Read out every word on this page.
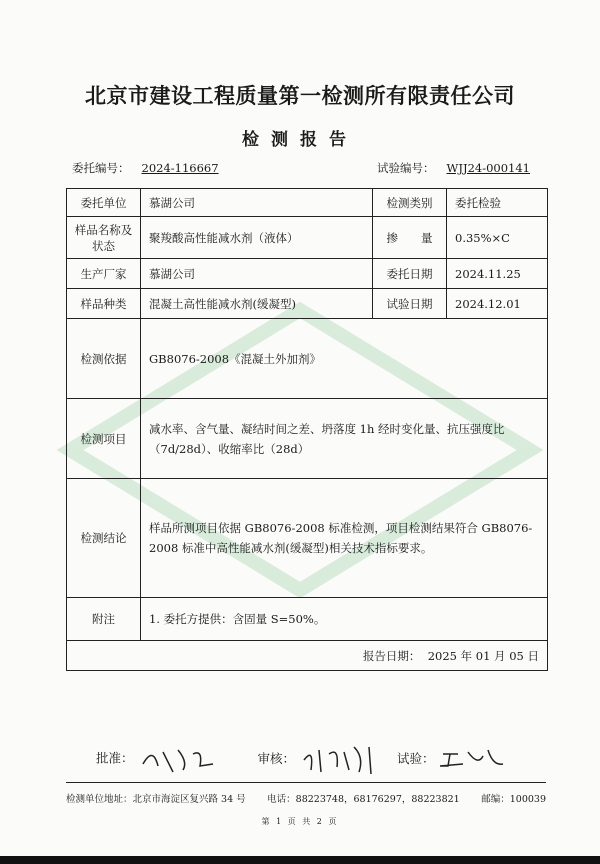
北京市建设工程质量第一检测所有限责任公司
检测报告
委托编号： 2024-116667	试验编号： WJJ24-000141
委托单位	慕湖公司	检测类别	委托检验
样品名称及状态	聚羧酸高性能减水剂（液体）	掺　　量	0.35%×C
生产厂家	慕湖公司	委托日期	2024.11.25
样品种类	混凝土高性能减水剂(缓凝型)	试验日期	2024.12.01
检测依据	GB8076-2008《混凝土外加剂》		
检测项目	减水率、含气量、凝结时间之差、坍落度 1h 经时变化量、抗压强度比（7d/28d）、收缩率比（28d）		
检测结论	样品所测项目依据 GB8076-2008 标准检测，项目检测结果符合 GB8076-2008 标准中高性能减水剂(缓凝型)相关技术指标要求。		
附注	1. 委托方提供：含固量 S=50%。		
报告日期： 2025 年 01 月 05 日			
批准：	审核：	试验：
检测单位地址：北京市海淀区复兴路 34 号 电话：88223748，68176297，88223821 邮编：100039
第 1 页 共 2 页
